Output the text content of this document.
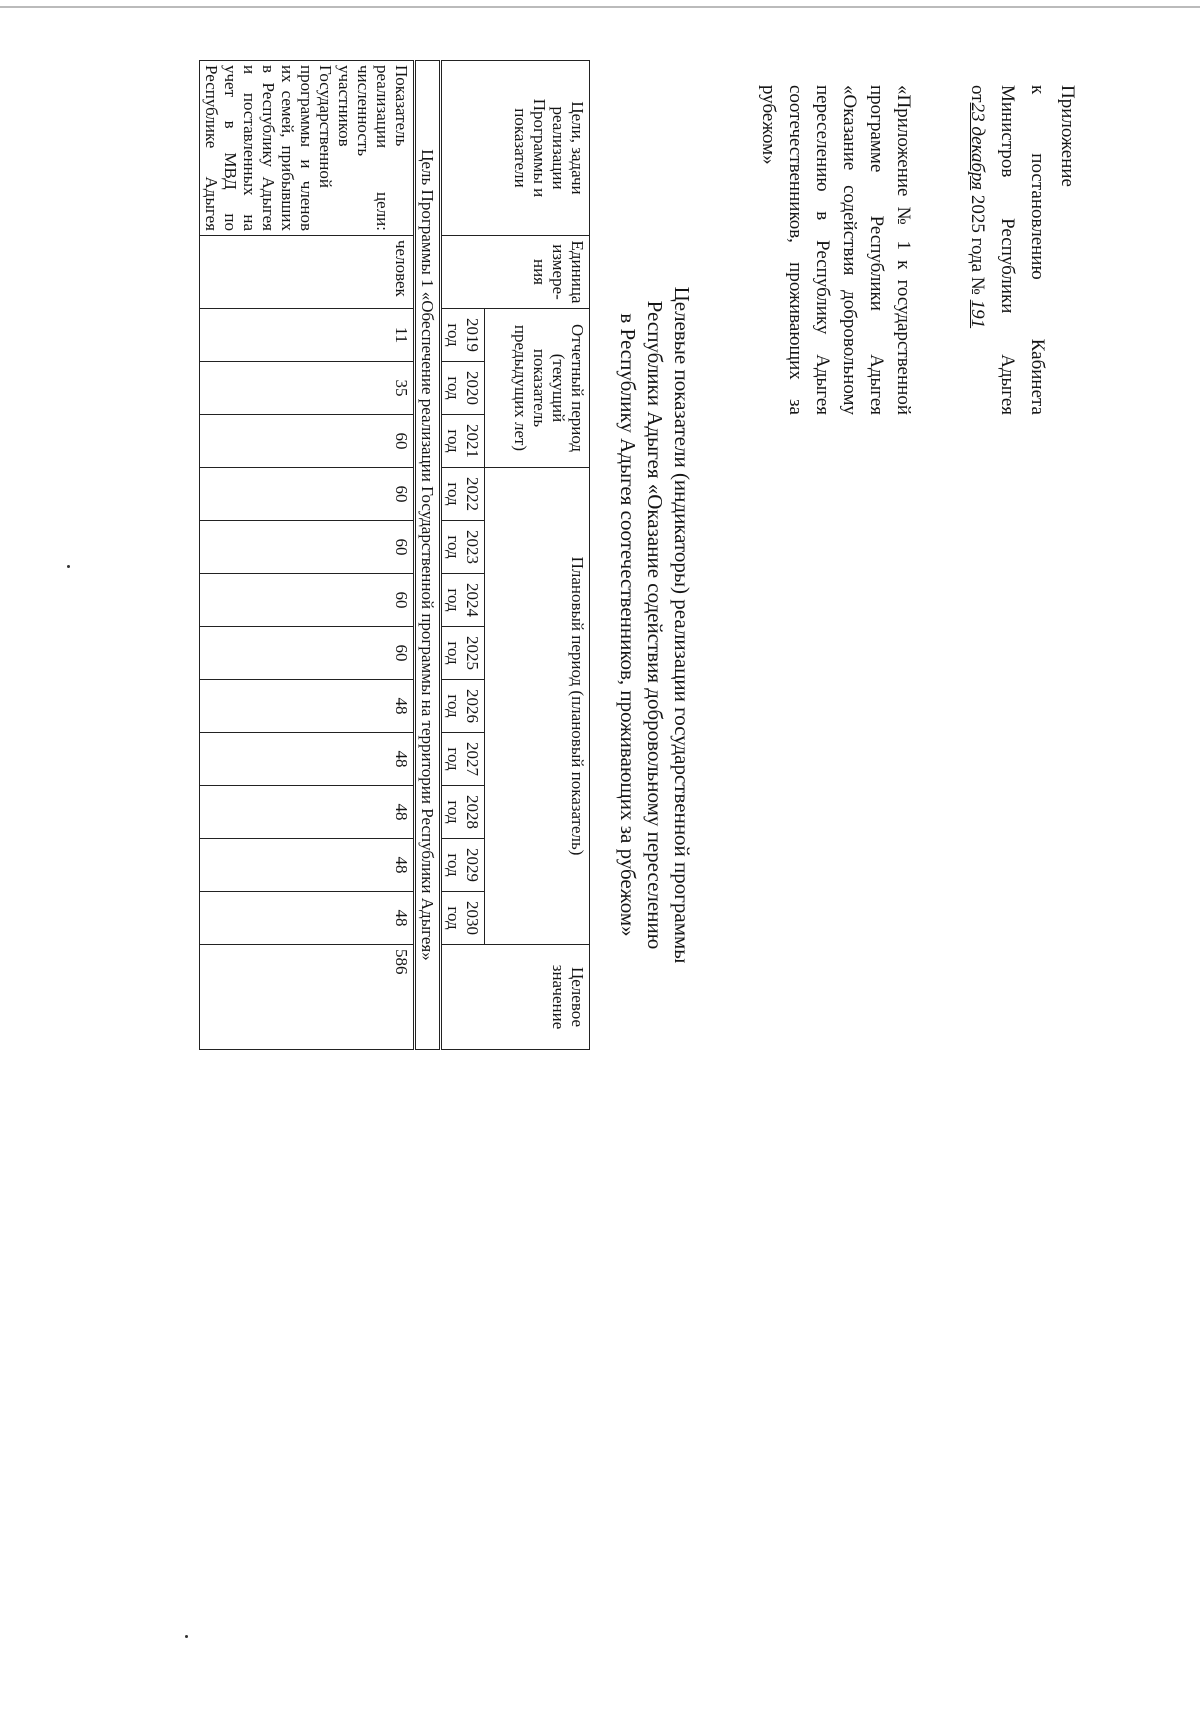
Приложение
к постановлению Кабинета
Министров Республики Адыгея
от23 декабря 2025 года № 191
«Приложение № 1 к государственной
программе Республики Адыгея
«Оказание содействия добровольному
переселению в Республику Адыгея
соотечественников, проживающих за
рубежом»
Целевые показатели (индикаторы) реализации государственной программы
Республики Адыгея «Оказание содействия добровольному переселению
в Республику Адыгея соотечественников, проживающих за рубежом»
Цели, задачи реализации Программы и показатели	Единица измере-ния	Отчетный период (текущий показатель предыдущих лет)			Плановый период (плановый показатель)									Целевое значение
		2019 год	2020 год	2021 год	2022 год	2023 год	2024 год	2025 год	2026 год	2027 год	2028 год	2029 год	2030 год	
Цель Программы 1 «Обеспечение реализации Государственной программы на территории Республики Адыгея»														
Показатель реализации цели: численность участников Государственной программы и членов их семей, прибывших в Республику Адыгея и поставленных на учет в МВД по Республике Адыгея	человек	11	35	60	60	60	60	60	48	48	48	48	48	586
